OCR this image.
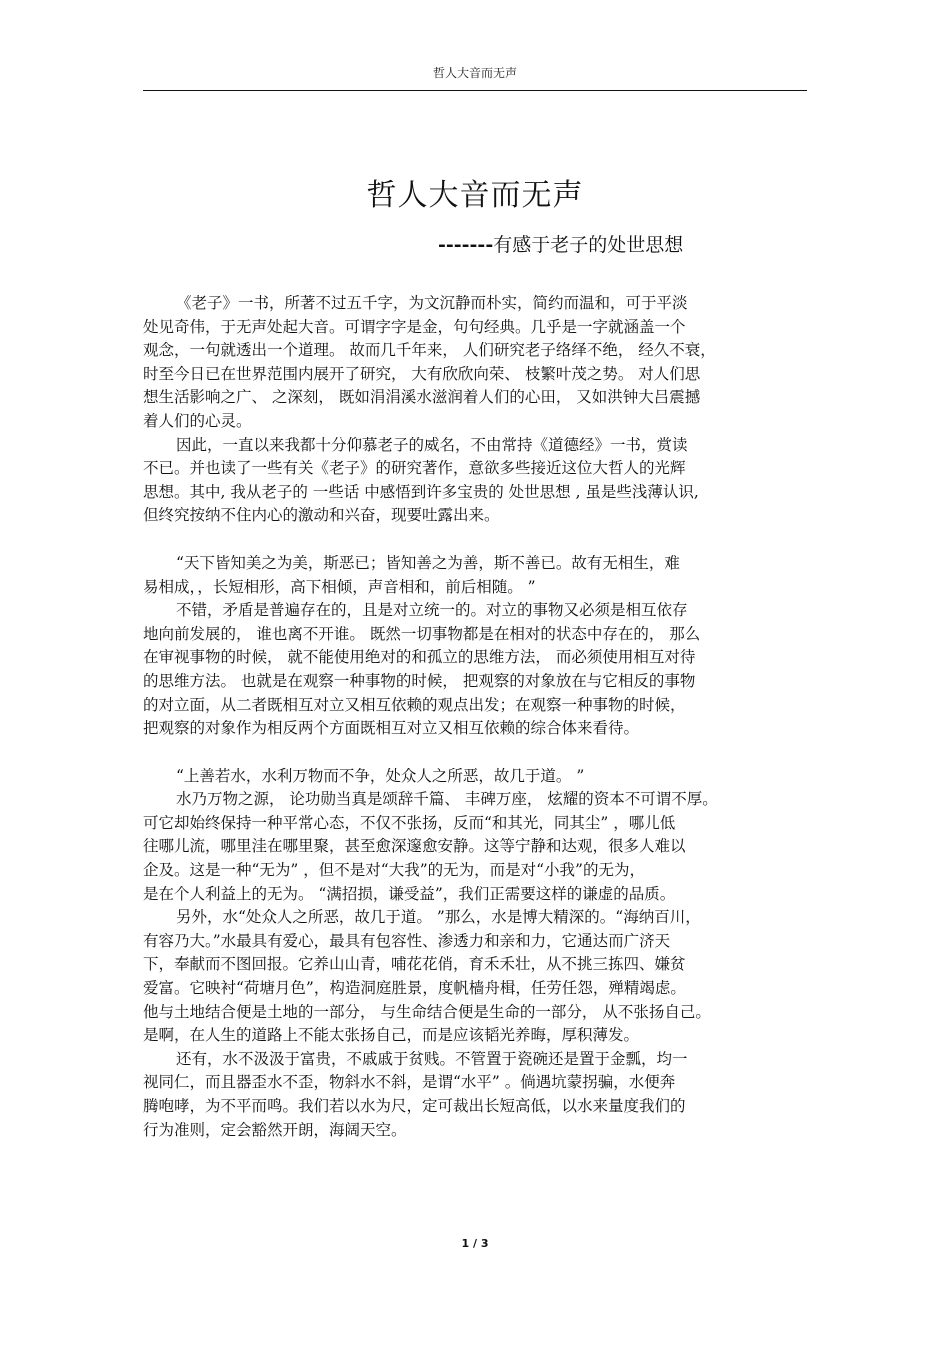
哲人大音而无声
哲人大音而无声
-------有感于老子的处世思想
《老子》一书，所著不过五千字，为文沉静而朴实，简约而温和，可于平淡
处见奇伟，于无声处起大音。可谓字字是金，句句经典。几乎是一字就涵盖一个
观念，一句就透出一个道理。 故而几千年来， 人们研究老子络绎不绝， 经久不衰，
时至今日已在世界范围内展开了研究， 大有欣欣向荣、 枝繁叶茂之势。 对人们思
想生活影响之广、 之深刻， 既如涓涓溪水滋润着人们的心田， 又如洪钟大吕震撼
着人们的心灵。
因此，一直以来我都十分仰慕老子的威名，不由常持《道德经》一书，赏读
不已。并也读了一些有关《老子》的研究著作，意欲多些接近这位大哲人的光辉
思想。其中, 我从老子的 一些话 中感悟到许多宝贵的 处世思想 , 虽是些浅薄认识,
但终究按纳不住内心的激动和兴奋，现要吐露出来。
“天下皆知美之为美，斯恶已；皆知善之为善，斯不善已。故有无相生，难
易相成，，长短相形，高下相倾，声音相和，前后相随。 ”
不错，矛盾是普遍存在的，且是对立统一的。对立的事物又必须是相互依存
地向前发展的， 谁也离不开谁。 既然一切事物都是在相对的状态中存在的， 那么
在审视事物的时候， 就不能使用绝对的和孤立的思维方法， 而必须使用相互对待
的思维方法。 也就是在观察一种事物的时候， 把观察的对象放在与它相反的事物
的对立面，从二者既相互对立又相互依赖的观点出发；在观察一种事物的时候，
把观察的对象作为相反两个方面既相互对立又相互依赖的综合体来看待。
“上善若水，水利万物而不争，处众人之所恶，故几于道。 ”
水乃万物之源， 论功勋当真是颂辞千篇、 丰碑万座， 炫耀的资本不可谓不厚。
可它却始终保持一种平常心态，不仅不张扬，反而“和其光，同其尘” ，哪儿低
往哪儿流，哪里洼在哪里聚，甚至愈深邃愈安静。这等宁静和达观，很多人难以
企及。这是一种“无为” ，但不是对“大我”的无为，而是对“小我”的无为，
是在个人利益上的无为。 “满招损，谦受益”，我们正需要这样的谦虚的品质。
另外，水“处众人之所恶，故几于道。 ”那么，水是博大精深的。“海纳百川，
有容乃大。”水最具有爱心，最具有包容性、渗透力和亲和力，它通达而广济天
下，奉献而不图回报。它养山山青，哺花花俏，育禾禾壮，从不挑三拣四、嫌贫
爱富。它映衬“荷塘月色”，构造洞庭胜景，度帆樯舟楫，任劳任怨，殚精竭虑。
他与土地结合便是土地的一部分， 与生命结合便是生命的一部分， 从不张扬自己。
是啊，在人生的道路上不能太张扬自己，而是应该韬光养晦，厚积薄发。
还有，水不汲汲于富贵，不戚戚于贫贱。不管置于瓷碗还是置于金瓢，均一
视同仁，而且器歪水不歪，物斜水不斜，是谓“水平” 。倘遇坑蒙拐骗，水便奔
腾咆哮，为不平而鸣。我们若以水为尺，定可裁出长短高低，以水来量度我们的
行为准则，定会豁然开朗，海阔天空。
1 / 3
